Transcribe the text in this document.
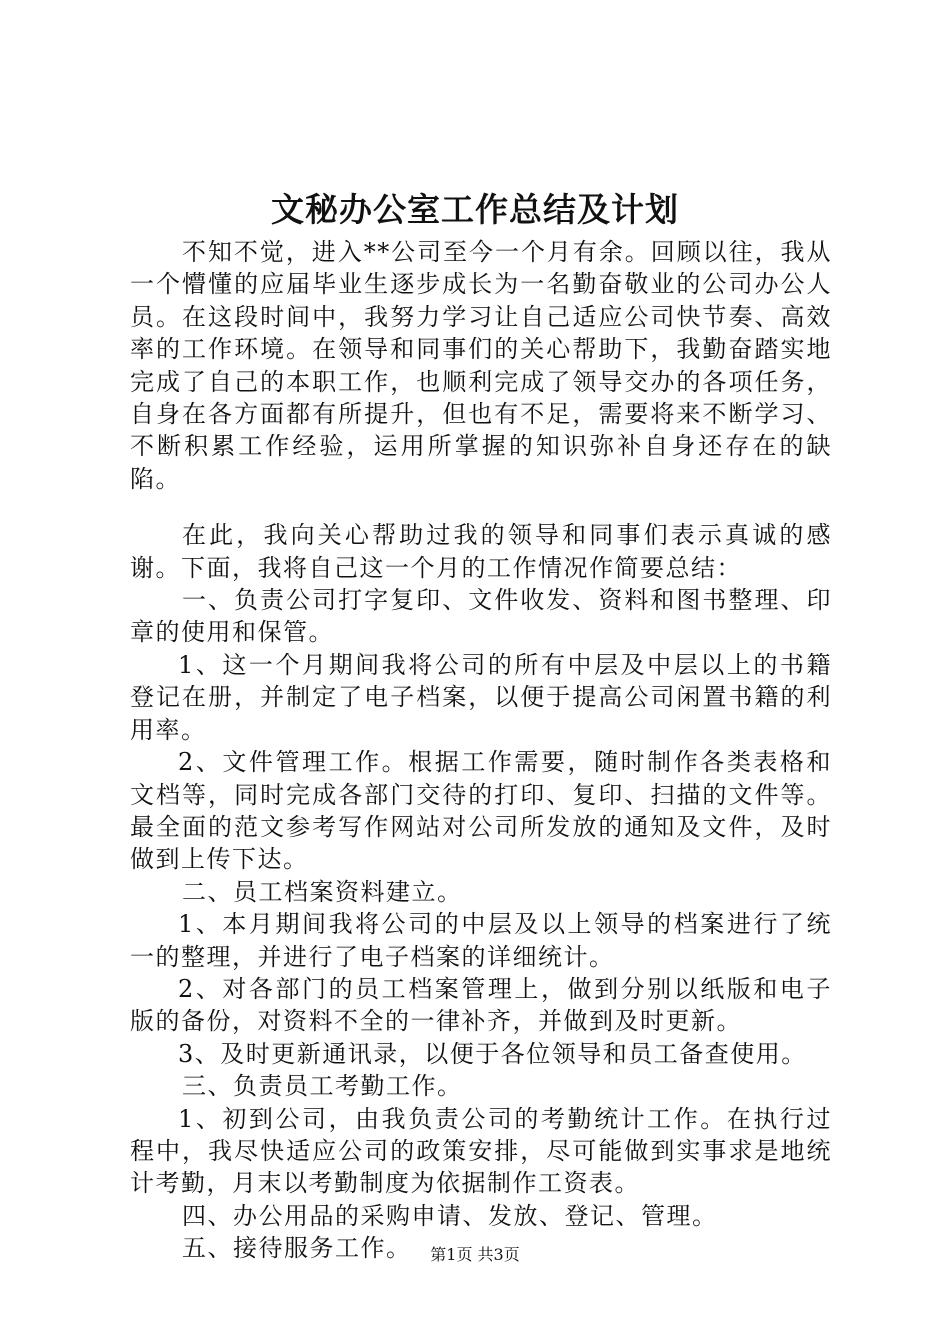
文秘办公室工作总结及计划

不知不觉，进入**公司至今一个月有余。回顾以往，我从一个懵懂的应届毕业生逐步成长为一名勤奋敬业的公司办公人员。在这段时间中，我努力学习让自己适应公司快节奏、高效率的工作环境。在领导和同事们的关心帮助下，我勤奋踏实地完成了自己的本职工作，也顺利完成了领导交办的各项任务，自身在各方面都有所提升，但也有不足，需要将来不断学习、不断积累工作经验，运用所掌握的知识弥补自身还存在的缺陷。

在此，我向关心帮助过我的领导和同事们表示真诚的感谢。下面，我将自己这一个月的工作情况作简要总结：

一、负责公司打字复印、文件收发、资料和图书整理、印章的使用和保管。

1、这一个月期间我将公司的所有中层及中层以上的书籍登记在册，并制定了电子档案，以便于提高公司闲置书籍的利用率。

2、文件管理工作。根据工作需要，随时制作各类表格和文档等，同时完成各部门交待的打印、复印、扫描的文件等。最全面的范文参考写作网站对公司所发放的通知及文件，及时做到上传下达。

二、员工档案资料建立。

1、本月期间我将公司的中层及以上领导的档案进行了统一的整理，并进行了电子档案的详细统计。

2、对各部门的员工档案管理上，做到分别以纸版和电子版的备份，对资料不全的一律补齐，并做到及时更新。

3、及时更新通讯录，以便于各位领导和员工备查使用。

三、负责员工考勤工作。

1、初到公司，由我负责公司的考勤统计工作。在执行过程中，我尽快适应公司的政策安排，尽可能做到实事求是地统计考勤，月末以考勤制度为依据制作工资表。

四、办公用品的采购申请、发放、登记、管理。

五、接待服务工作。	第1页 共3页
